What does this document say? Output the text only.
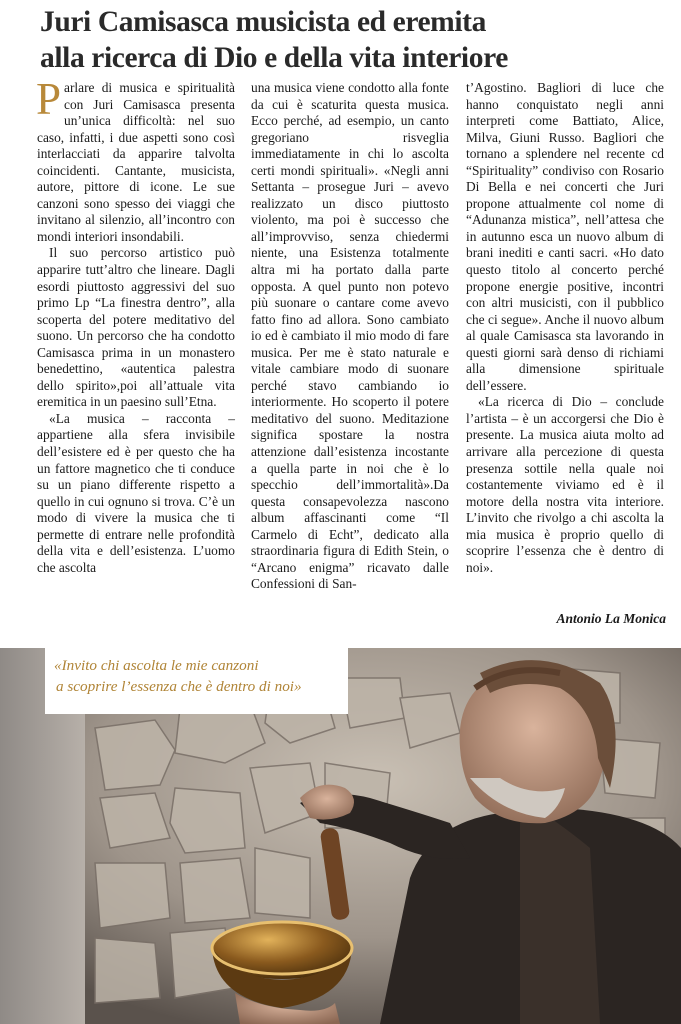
Juri Camisasca musicista ed eremita
alla ricerca di Dio e della vita interiore

Parlare di musica e spiritualità con Juri Camisasca presenta un’unica difficoltà: nel suo caso, infatti, i due aspetti sono così interlacciati da apparire talvolta coincidenti. Cantante, musicista, autore, pittore di icone. Le sue canzoni sono spesso dei viaggi che invitano al silenzio, all’incontro con mondi interiori insondabili.

Il suo percorso artistico può apparire tutt’altro che lineare. Dagli esordi piuttosto aggressivi del suo primo Lp “La finestra dentro”, alla scoperta del potere meditativo del suono. Un percorso che ha condotto Camisasca prima in un monastero benedettino, «autentica palestra dello spirito»,poi all’attuale vita eremitica in un paesino sull’Etna.

«La musica – racconta – appartiene alla sfera invisibile dell’esistere ed è per questo che ha un fattore magnetico che ti conduce su un piano differente rispetto a quello in cui ognuno si trova. C’è un modo di vivere la musica che ti permette di entrare nelle profondità della vita e dell’esistenza. L’uomo che ascolta

una musica viene condotto alla fonte da cui è scaturita questa musica. Ecco perché, ad esempio, un canto gregoriano risveglia immediatamente in chi lo ascolta certi mondi spirituali». «Negli anni Settanta – prosegue Juri – avevo realizzato un disco piuttosto violento, ma poi è successo che all’improvviso, senza chiedermi niente, una Esistenza totalmente altra mi ha portato dalla parte opposta. A quel punto non potevo più suonare o cantare come avevo fatto fino ad allora. Sono cambiato io ed è cambiato il mio modo di fare musica. Per me è stato naturale e vitale cambiare modo di suonare perché stavo cambiando io interiormente. Ho scoperto il potere meditativo del suono. Meditazione significa spostare la nostra attenzione dall’esistenza incostante a quella parte in noi che è lo specchio dell’immortalità».Da questa consapevolezza nascono album affascinanti come “Il Carmelo di Echt”, dedicato alla straordinaria figura di Edith Stein, o “Arcano enigma” ricavato dalle Confessioni di San-

t’Agostino. Bagliori di luce che hanno conquistato negli anni interpreti come Battiato, Alice, Milva, Giuni Russo. Bagliori che tornano a splendere nel recente cd “Spirituality” condiviso con Rosario Di Bella e nei concerti che Juri propone attualmente col nome di “Adunanza mistica”, nell’attesa che in autunno esca un nuovo album di brani inediti e canti sacri. «Ho dato questo titolo al concerto perché propone energie positive, incontri con altri musicisti, con il pubblico che ci segue». Anche il nuovo album al quale Camisasca sta lavorando in questi giorni sarà denso di richiami alla dimensione spirituale dell’essere.

«La ricerca di Dio – conclude l’artista – è un accorgersi che Dio è presente. La musica aiuta molto ad arrivare alla percezione di questa presenza sottile nella quale noi costantemente viviamo ed è il motore della nostra vita interiore. L’invito che rivolgo a chi ascolta la mia musica è proprio quello di scoprire l’essenza che è dentro di noi».

Antonio La Monica
«Invito chi ascolta le mie canzoni
a scoprire l’essenza che è dentro di noi»
